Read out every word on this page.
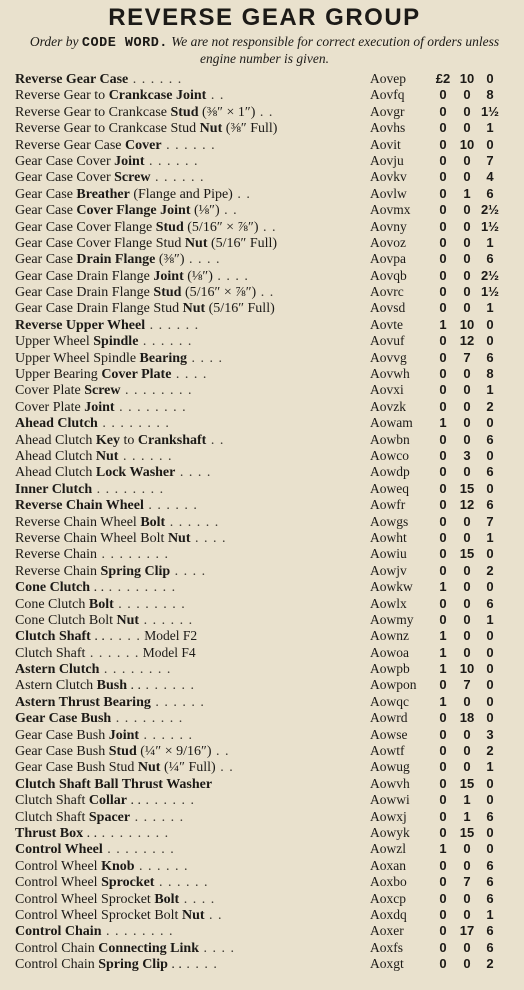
REVERSE GEAR GROUP
Order by CODE WORD. We are not responsible for correct execution of orders unless engine number is given.
Reverse Gear Case . . . . . .	Aovep	£2 10 0
Reverse Gear to Crankcase Joint . .	Aovfq	0	0	8
Reverse Gear to Crankcase Stud (⅜″ × 1″) . .	Aovgr	0	0 1½
Reverse Gear to Crankcase Stud Nut (⅜″ Full)	Aovhs	0	0	1
Reverse Gear Case Cover . . . . . .	Aovit	0	10 0
Gear Case Cover Joint . . . . . .	Aovju	0	0	7
Gear Case Cover Screw . . . . . .	Aovkv	0	0	4
Gear Case Breather (Flange and Pipe) . .	Aovlw	0	1	6
Gear Case Cover Flange Joint (⅛″) . .	Aovmx	0	0 2½
Gear Case Cover Flange Stud (5/16″ × ⅞″) . .	Aovny	0	0 1½
Gear Case Cover Flange Stud Nut (5/16″ Full)	Aovoz	0	0	1
Gear Case Drain Flange (⅜″) . . . .	Aovpa	0	0	6
Gear Case Drain Flange Joint (⅛″) . . . .	Aovqb	0	0 2½
Gear Case Drain Flange Stud (5/16″ × ⅞″) . .	Aovrc	0	0 1½
Gear Case Drain Flange Stud Nut (5/16″ Full)	Aovsd	0	0	1
Reverse Upper Wheel . . . . . .	Aovte	1	10 0
Upper Wheel Spindle . . . . . .	Aovuf	0	12 0
Upper Wheel Spindle Bearing . . . .	Aovvg	0	7	6
Upper Bearing Cover Plate . . . .	Aovwh	0	0	8
Cover Plate Screw . . . . . . . .	Aovxi	0	0	1
Cover Plate Joint . . . . . . . .	Aovzk	0	0	2
Ahead Clutch . . . . . . . .	Aowam	1	0	0
Ahead Clutch Key to Crankshaft . .	Aowbn	0	0	6
Ahead Clutch Nut . . . . . .	Aowco	0	3	0
Ahead Clutch Lock Washer . . . .	Aowdp	0	0	6
Inner Clutch . . . . . . . .	Aoweq	0	15 0
Reverse Chain Wheel . . . . . .	Aowfr	0	12 6
Reverse Chain Wheel Bolt . . . . . .	Aowgs	0	0	7
Reverse Chain Wheel Bolt Nut . . . .	Aowht	0	0	1
Reverse Chain . . . . . . . .	Aowiu	0	15 0
Reverse Chain Spring Clip . . . .	Aowjv	0	0	2
Cone Clutch . . . . . . . . . .	Aowkw	1	0	0
Cone Clutch Bolt . . . . . . . .	Aowlx	0	0	6
Cone Clutch Bolt Nut . . . . . .	Aowmy	0	0	1
Clutch Shaft . . . . . . Model F2	Aownz	1	0	0
Clutch Shaft . . . . . . Model F4	Aowoa	1	0	0
Astern Clutch . . . . . . . .	Aowpb	1	10 0
Astern Clutch Bush . . . . . . . .	Aowpon	0	7	0
Astern Thrust Bearing . . . . . .	Aowqc	1	0	0
Gear Case Bush . . . . . . . .	Aowrd	0	18 0
Gear Case Bush Joint . . . . . .	Aowse	0	0	3
Gear Case Bush Stud (¼″ × 9/16″) . .	Aowtf	0	0	2
Gear Case Bush Stud Nut (¼″ Full) . .	Aowug	0	0	1
Clutch Shaft Ball Thrust Washer	Aowvh	0	15 0
Clutch Shaft Collar . . . . . . . .	Aowwi	0	1	0
Clutch Shaft Spacer . . . . . .	Aowxj	0	1	6
Thrust Box . . . . . . . . . .	Aowyk	0	15 0
Control Wheel . . . . . . . .	Aowzl	1	0	0
Control Wheel Knob . . . . . .	Aoxan	0	0	6
Control Wheel Sprocket . . . . . .	Aoxbo	0	7	6
Control Wheel Sprocket Bolt . . . .	Aoxcp	0	0	6
Control Wheel Sprocket Bolt Nut . .	Aoxdq	0	0	1
Control Chain . . . . . . . .	Aoxer	0	17 6
Control Chain Connecting Link . . . .	Aoxfs	0	0	6
Control Chain Spring Clip . . . . . .	Aoxgt	0	0	2
